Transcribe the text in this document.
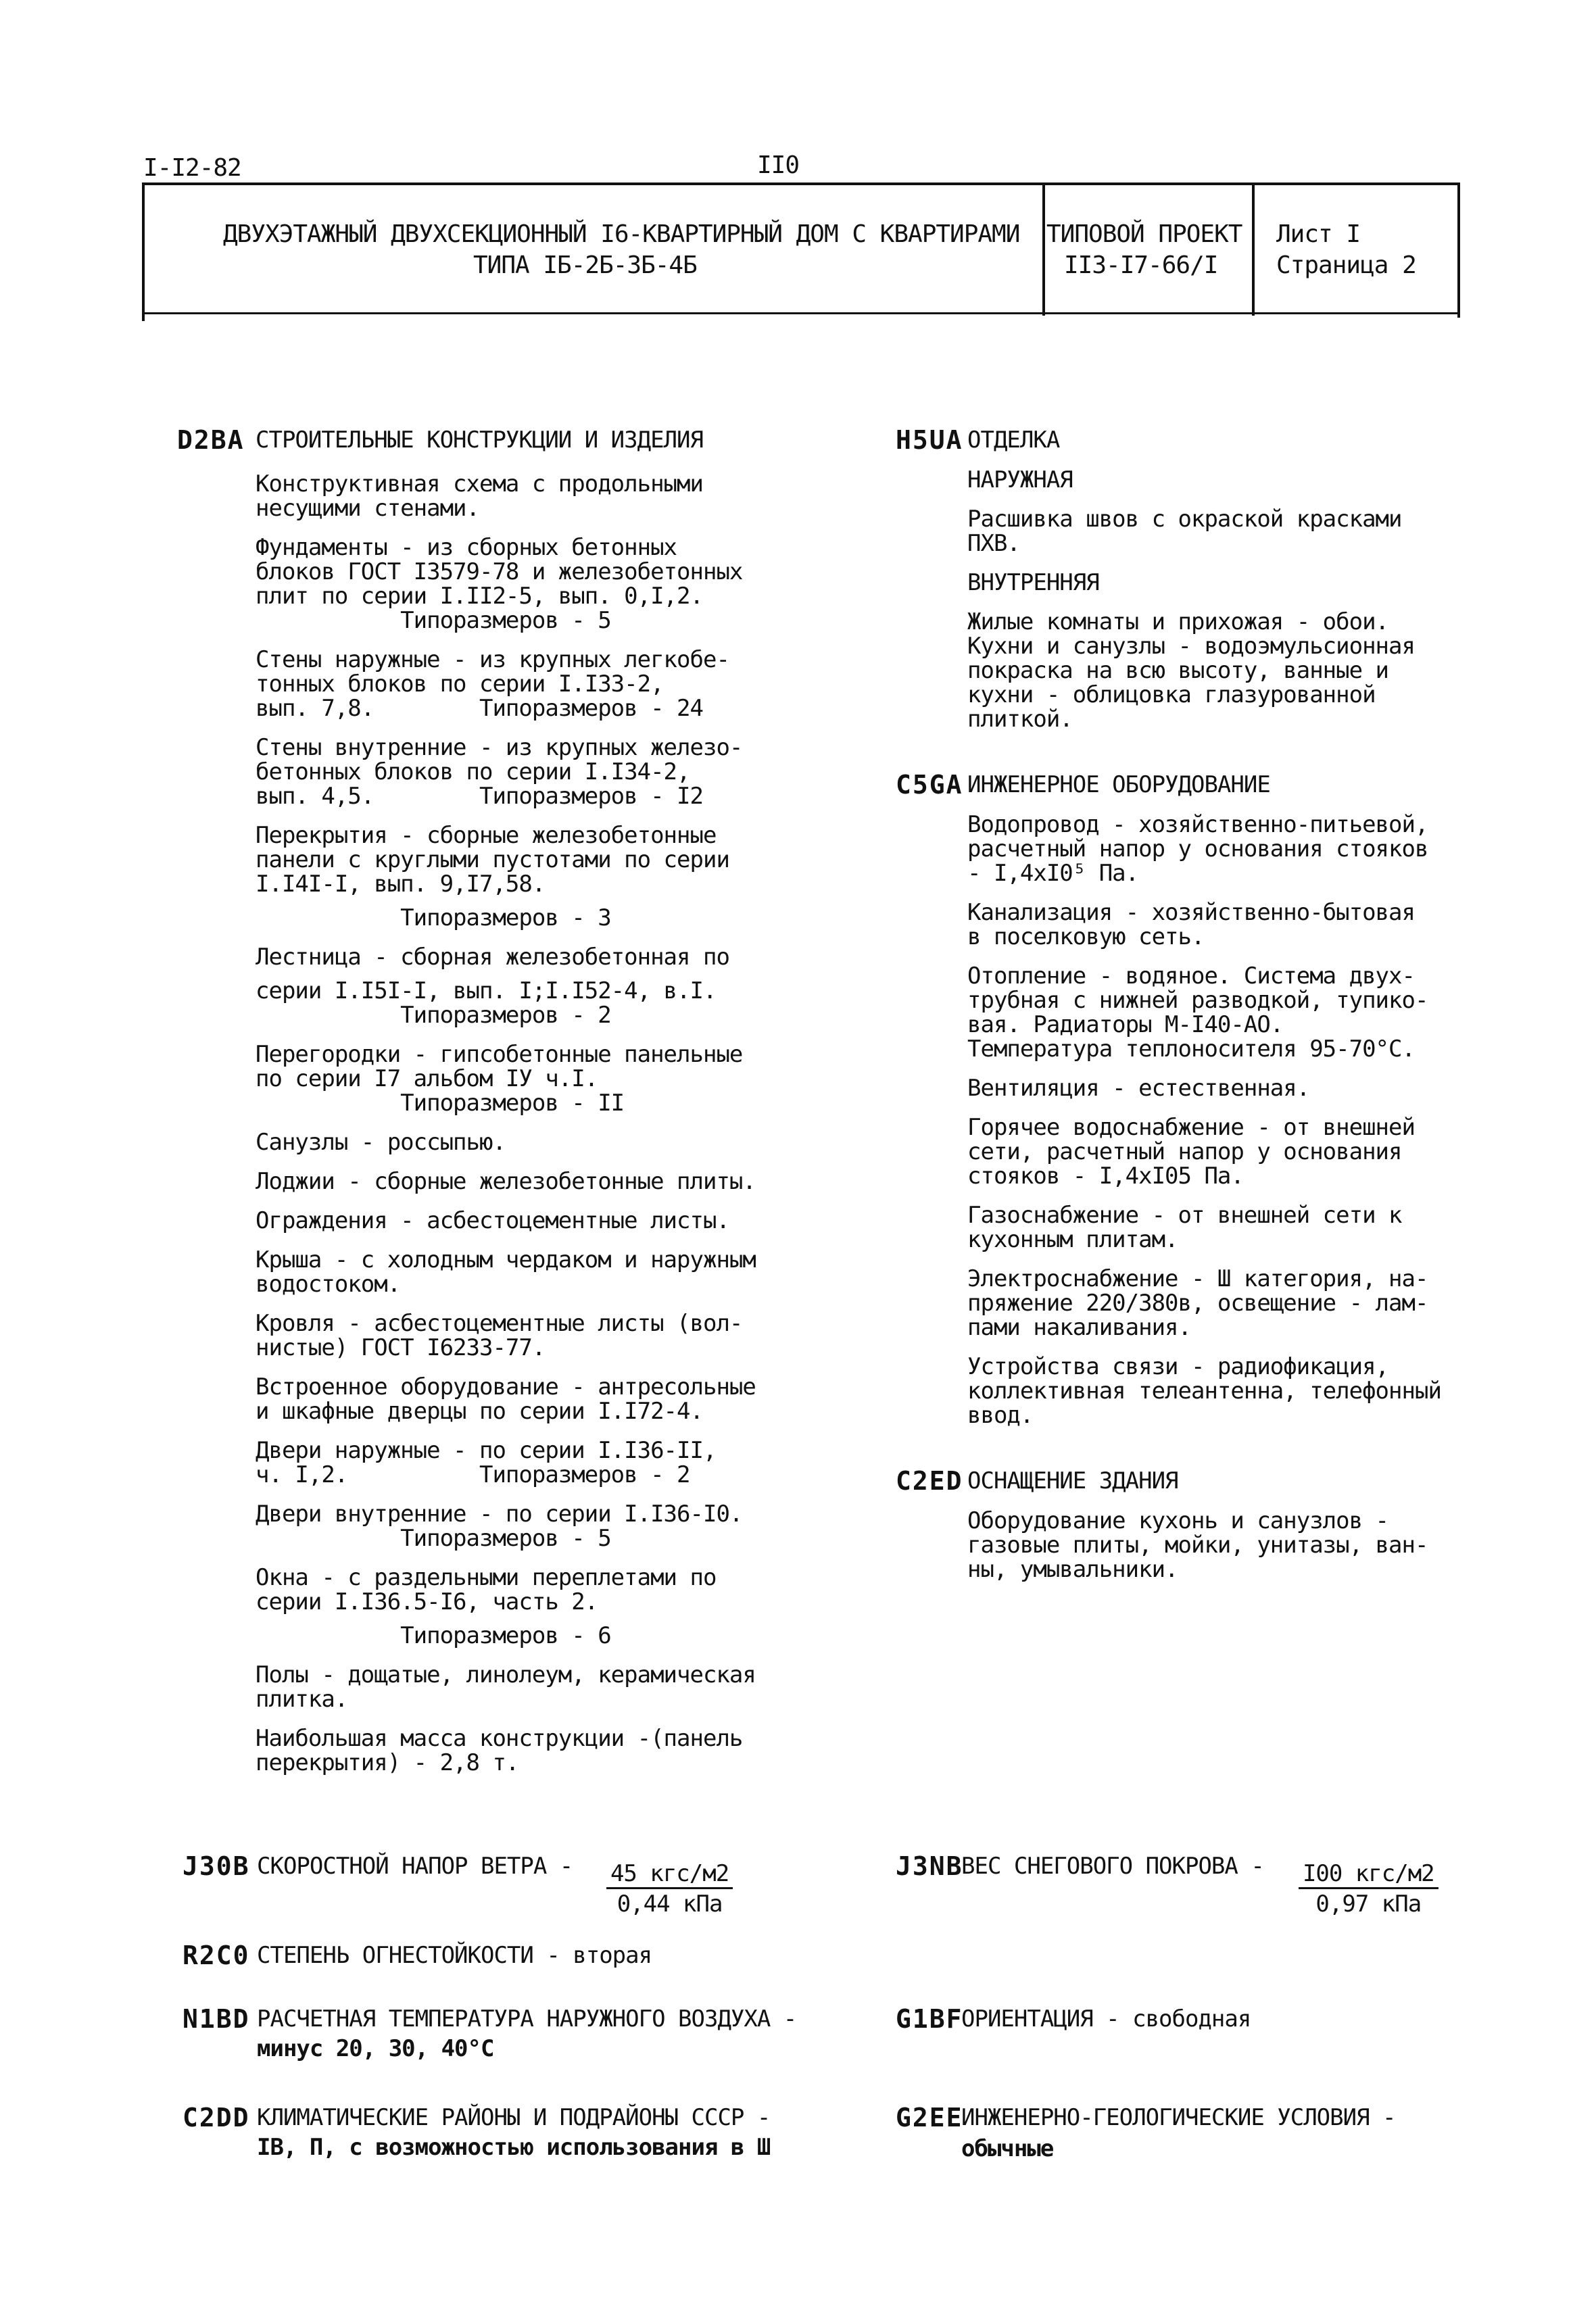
I-I2-82	II0
ДВУХЭТАЖНЫЙ ДВУХСЕКЦИОННЫЙ I6-КВАРТИРНЫЙ ДОМ С КВАРТИРАМИ
ТИПА IБ-2Б-3Б-4Б
ТИПОВОЙ ПРОЕКТ
II3-I7-66/I
Лист I
Страница 2
D2BA СТРОИТЕЛЬНЫЕ КОНСТРУКЦИИ И ИЗДЕЛИЯ
Конструктивная схема с продольными
несущими стенами.
Фундаменты - из сборных бетонных
блоков ГОСТ I3579-78 и железобетонных
плит по серии I.II2-5, вып. 0,I,2.
Типоразмеров - 5
Стены наружные - из крупных легкобе-
тонных блоков по серии I.I33-2,
вып. 7,8.        Типоразмеров - 24
Стены внутренние - из крупных железо-
бетонных блоков по серии I.I34-2,
вып. 4,5.        Типоразмеров - I2
Перекрытия - сборные железобетонные
панели с круглыми пустотами по серии
I.I4I-I, вып. 9,I7,58.
Типоразмеров - 3
Лестница - сборная железобетонная по
серии I.I5I-I, вып. I;I.I52-4, в.I.
Типоразмеров - 2
Перегородки - гипсобетонные панельные
по серии I7 альбом IУ ч.I.
Типоразмеров - II
Санузлы - россыпью.
Лоджии - сборные железобетонные плиты.
Ограждения - асбестоцементные листы.
Крыша - с холодным чердаком и наружным
водостоком.
Кровля - асбестоцементные листы (вол-
нистые) ГОСТ I6233-77.
Встроенное оборудование - антресольные
и шкафные дверцы по серии I.I72-4.
Двери наружные - по серии I.I36-II,
ч. I,2.          Типоразмеров - 2
Двери внутренние - по серии I.I36-I0.
Типоразмеров - 5
Окна - с раздельными переплетами по
серии I.I36.5-I6, часть 2.
Типоразмеров - 6
Полы - дощатые, линолеум, керамическая
плитка.
Наибольшая масса конструкции -(панель
перекрытия) - 2,8 т.
H5UA ОТДЕЛКА
НАРУЖНАЯ
Расшивка швов с окраской красками
ПХВ.
ВНУТРЕННЯЯ
Жилые комнаты и прихожая - обои.
Кухни и санузлы - водоэмульсионная
покраска на всю высоту, ванные и
кухни - облицовка глазурованной
плиткой.
C5GA ИНЖЕНЕРНОЕ ОБОРУДОВАНИЕ
Водопровод - хозяйственно-питьевой,
расчетный напор у основания стояков
- I,4xI0⁵ Па.
Канализация - хозяйственно-бытовая
в поселковую сеть.
Отопление - водяное. Система двух-
трубная с нижней разводкой, тупико-
вая. Радиаторы М-I40-АО.
Температура теплоносителя 95-70°С.
Вентиляция - естественная.
Горячее водоснабжение - от внешней
сети, расчетный напор у основания
стояков - I,4xI05 Па.
Газоснабжение - от внешней сети к
кухонным плитам.
Электроснабжение - Ш категория, на-
пряжение 220/380в, освещение - лам-
пами накаливания.
Устройства связи - радиофикация,
коллективная телеантенна, телефонный
ввод.
C2ED ОСНАЩЕНИЕ ЗДАНИЯ
Оборудование кухонь и санузлов -
газовые плиты, мойки, унитазы, ван-
ны, умывальники.
J30B СКОРОСТНОЙ НАПОР ВЕТРА -

$\frac{\text{45 кгс/м2}}{\text{0,44 кПа}}$	J3NB
ВЕС СНЕГОВОГО ПОКРОВА -

$\frac{\text{I00 кгс/м2}}{\text{0,97 кПа}}$

R2C0 СТЕПЕНЬ ОГНЕСТОЙКОСТИ - вторая
N1BD РАСЧЕТНАЯ ТЕМПЕРАТУРА НАРУЖНОГО ВОЗДУХА -
минус 20, 30, 40°С
G1BF
ОРИЕНТАЦИЯ - свободная
C2DD КЛИМАТИЧЕСКИЕ РАЙОНЫ И ПОДРАЙОНЫ СССР -
IВ, П, с возможностью использования в Ш
G2EE
ИНЖЕНЕРНО-ГЕОЛОГИЧЕСКИЕ УСЛОВИЯ -
обычные
